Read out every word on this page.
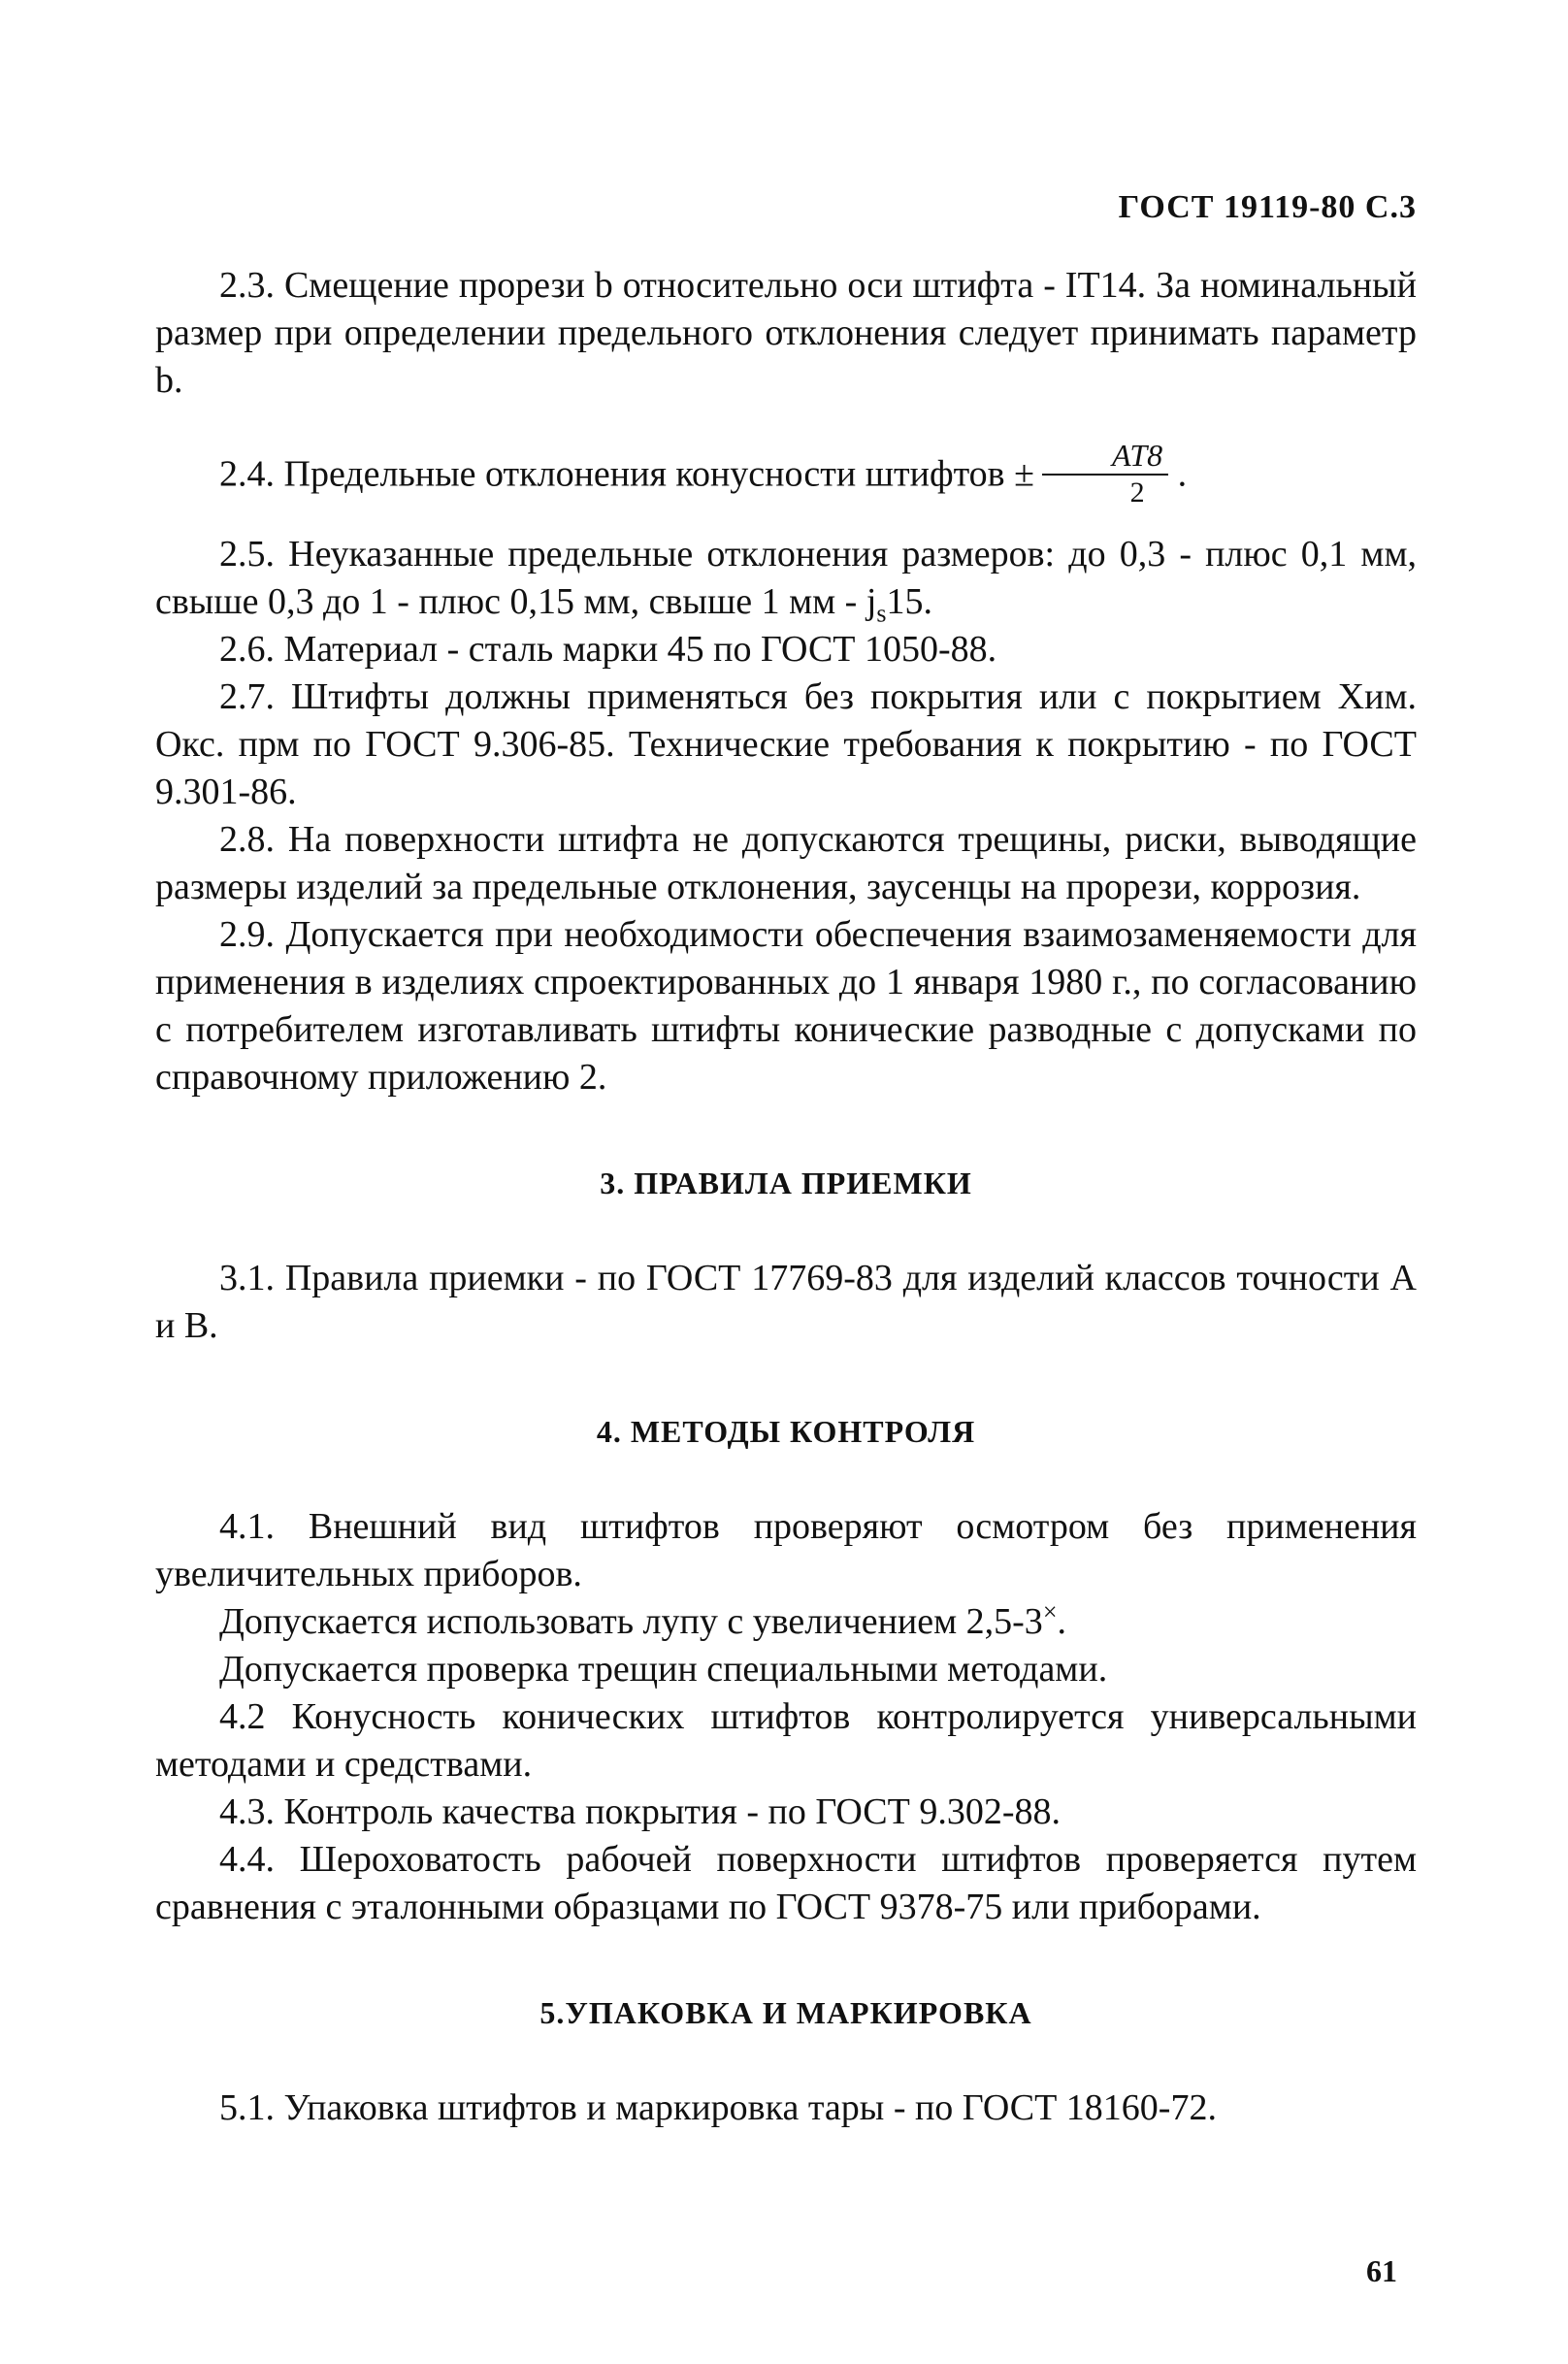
ГОСТ 19119-80 С.3

2.3. Смещение прорези b относительно оси штифта - IT14. За номинальный размер при определении предельного отклонения следует принимать параметр b.

2.4. Предельные отклонения конусности штифтов ± $\frac{AT8}{2}$ .

2.5. Неуказанные предельные отклонения размеров: до 0,3 - плюс 0,1 мм, свыше 0,3 до 1 - плюс 0,15 мм, свыше 1 мм - $j_s15$.

2.6. Материал - сталь марки 45 по ГОСТ 1050-88.

2.7. Штифты должны применяться без покрытия или с покрытием Хим. Окс. прм по ГОСТ 9.306-85. Технические требования к покрытию - по ГОСТ 9.301-86.

2.8. На поверхности штифта не допускаются трещины, риски, выводящие размеры изделий за предельные отклонения, заусенцы на прорези, коррозия.

2.9. Допускается при необходимости обеспечения взаимозаменяемости для применения в изделиях спроектированных до 1 января 1980 г., по согласованию с потребителем изготавливать штифты конические разводные с допусками по справочному приложению 2.

3. ПРАВИЛА ПРИЕМКИ

3.1. Правила приемки - по ГОСТ 17769-83 для изделий классов точности А и В.

4. МЕТОДЫ КОНТРОЛЯ

4.1. Внешний вид штифтов проверяют осмотром без применения увеличительных приборов.

Допускается использовать лупу с увеличением 2,5-3×.

Допускается проверка трещин специальными методами.

4.2 Конусность конических штифтов контролируется универсальными методами и средствами.

4.3. Контроль качества покрытия - по ГОСТ 9.302-88.

4.4. Шероховатость рабочей поверхности штифтов проверяется путем сравнения с эталонными образцами по ГОСТ 9378-75 или приборами.

5.УПАКОВКА И МАРКИРОВКА

5.1. Упаковка штифтов и маркировка тары - по ГОСТ 18160-72.

61
